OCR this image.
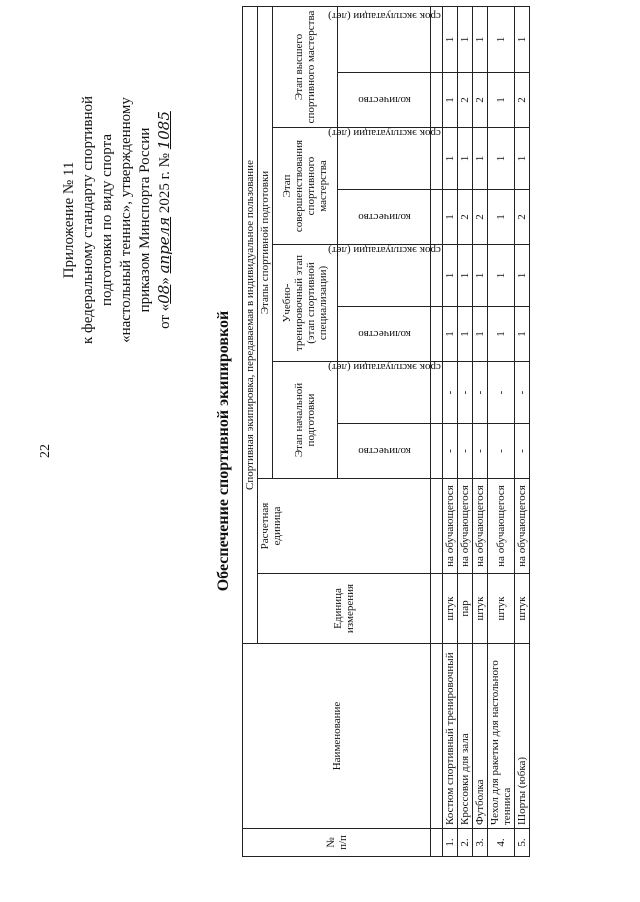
22
Приложение № 11 к федеральному стандарту спортивной подготовки по виду спорта «настольный теннис», утвержденному приказом Минспорта России
от «08» апреля 2025 г. № 1085
Обеспечение спортивной экипировкой
№ п/п	Наименование	Спортивная экипировка, передаваемая в индивидуальное пользование									
		Единица измерения	Расчетная единица	Этапы спортивной подготовки							
				Этап начальной подготовки		Учебно-тренировочный этап (этап спортивной специализации)		Этап совершенствования спортивного мастерства		Этап высшего спортивного мастерства	
				количество	срок эксплуатации (лет)	количество	срок эксплуатации (лет)	количество	срок эксплуатации (лет)	количество	срок эксплуатации (лет)

1.	Костюм спортивный тренировочный	штук	на обучающегося	-	-	1	1	1	1	1	1
2.	Кроссовки для зала	пар	на обучающегося	-	-	1	1	2	1	2	1
3.	Футболка	штук	на обучающегося	-	-	1	1	2	1	2	1
4.	Чехол для ракетки для настольного тенниса	штук	на обучающегося	-	-	1	1	1	1	1	1
5.	Шорты (юбка)	штук	на обучающегося	-	-	1	1	2	1	2	1
